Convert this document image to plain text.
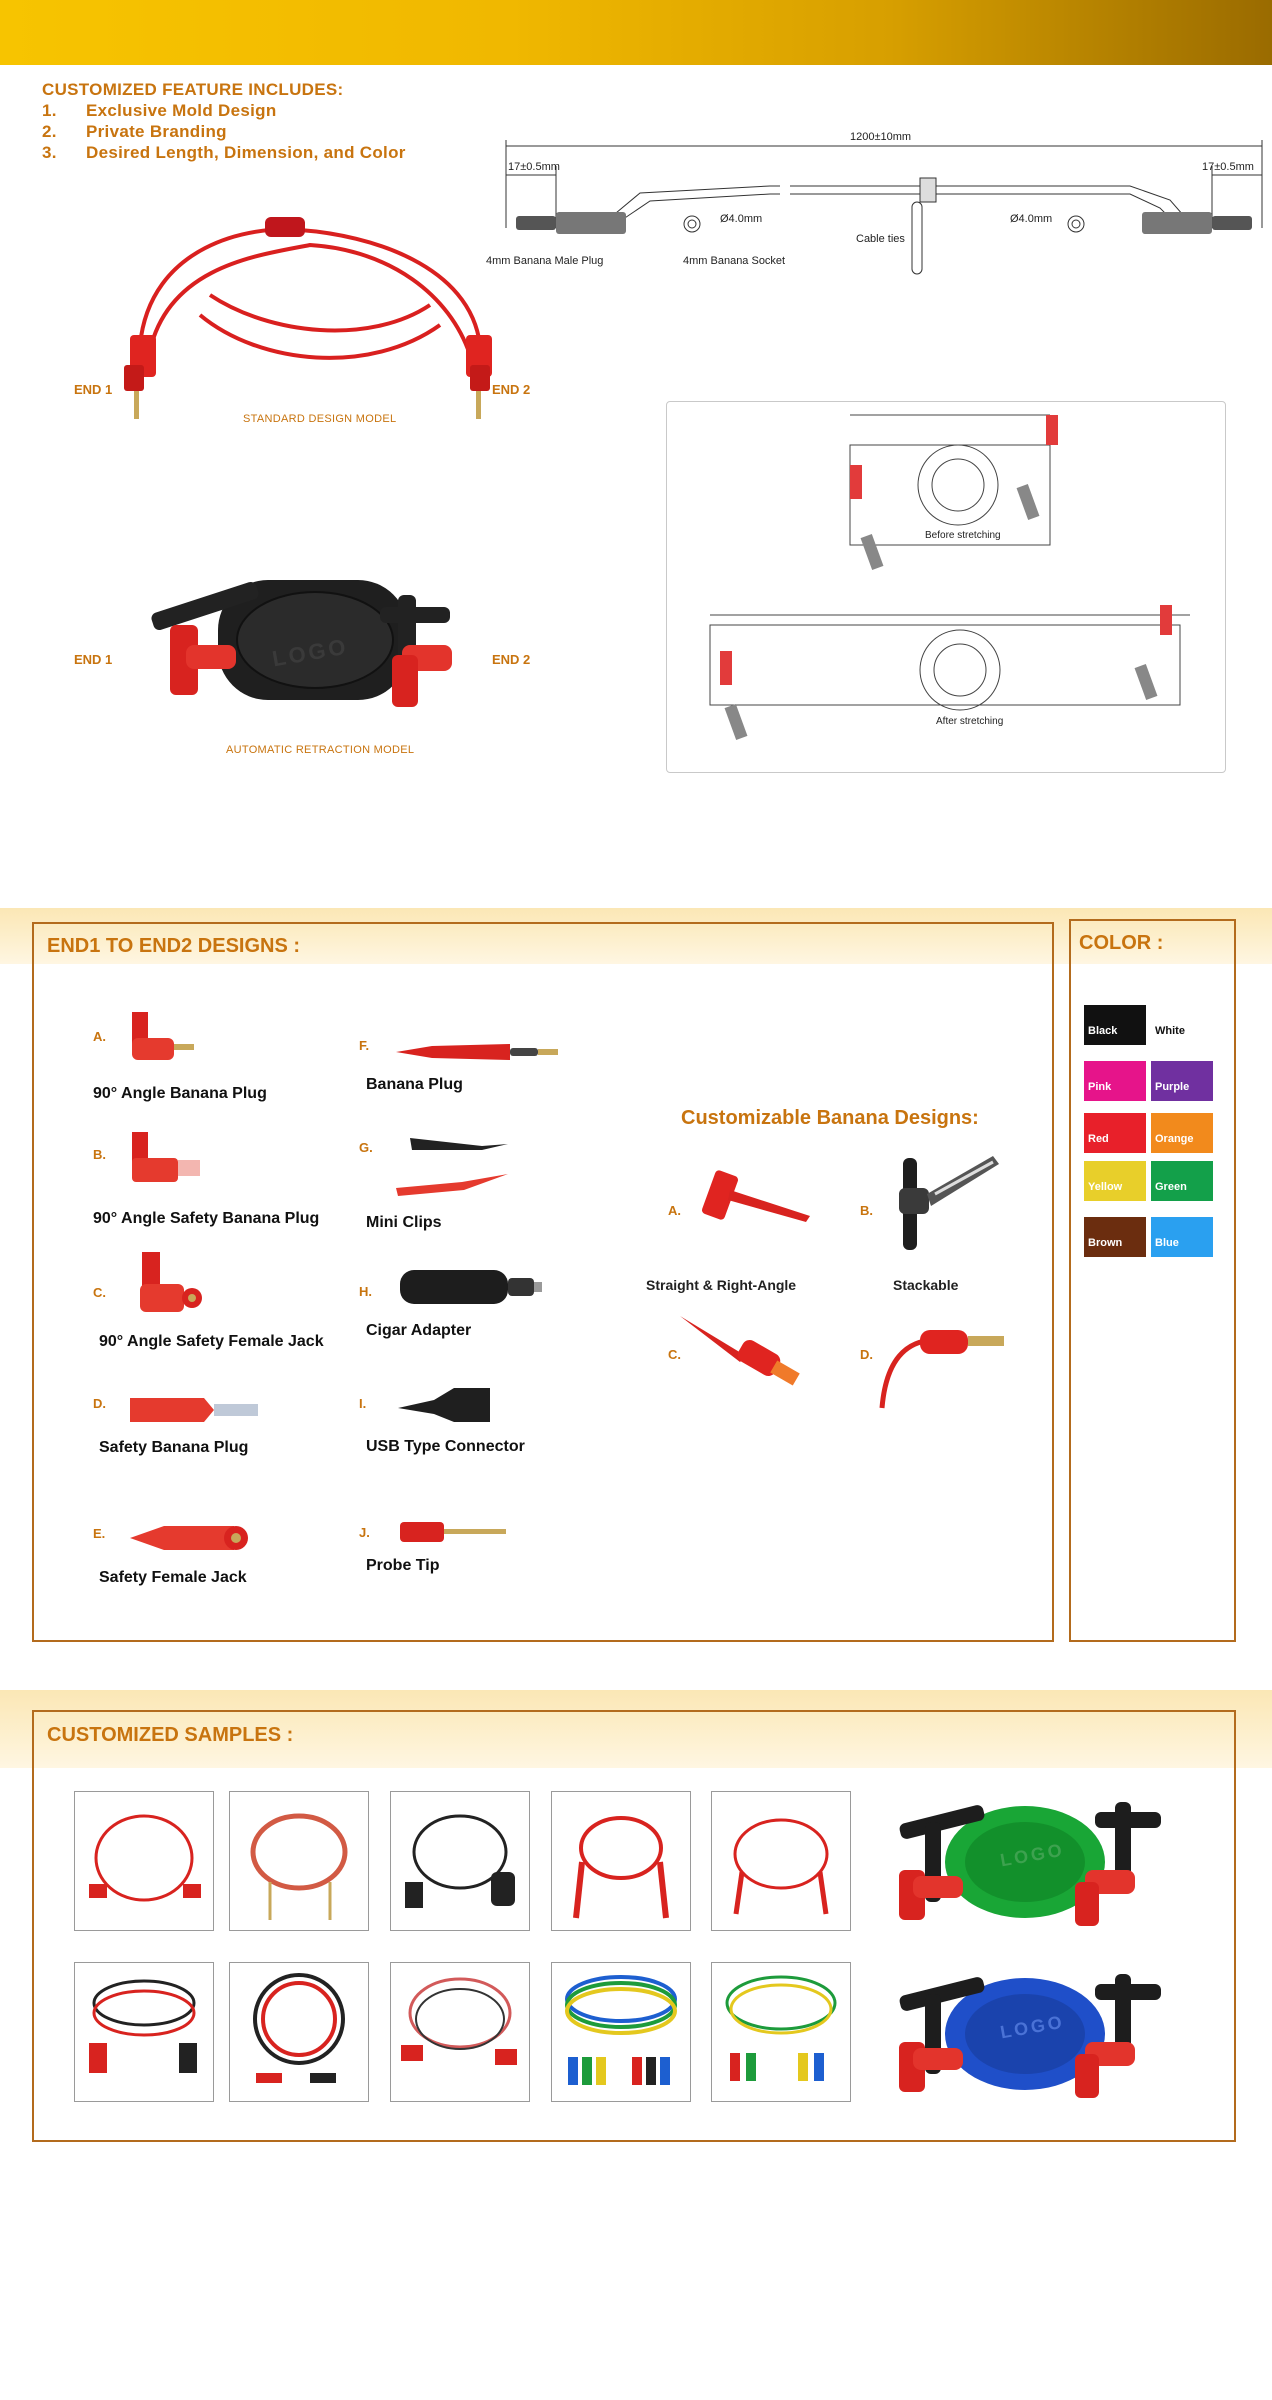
CUSTOMIZED FEATURE INCLUDES:
1. Exclusive Mold Design
2. Private Branding
3. Desired Length, Dimension, and Color
END 1	END 2
STANDARD DESIGN MODEL
1200±10mm
17±0.5mm	17±0.5mm
Ø4.0mm	Ø4.0mm
4mm Banana Male Plug	4mm Banana Socket
Cable ties
LOGO
END 1	END 2
AUTOMATIC RETRACTION MODEL
Before stretching
After stretching
END1 TO END2 DESIGNS :	COLOR :
A.
90° Angle Banana Plug
B.
90° Angle Safety Banana Plug
C.
90° Angle Safety Female Jack
D.
Safety Banana Plug
E.
Safety Female Jack
F.
Banana Plug
G.
Mini Clips
H.
Cigar Adapter
I.
USB Type Connector
J.
Probe Tip
Customizable Banana Designs:
A.	B.
C.	D.
Straight & Right-Angle	Stackable
Black	White
Pink	Purple
Red	Orange
Yellow	Green
Brown	Blue
CUSTOMIZED SAMPLES :
LOGO
LOGO
